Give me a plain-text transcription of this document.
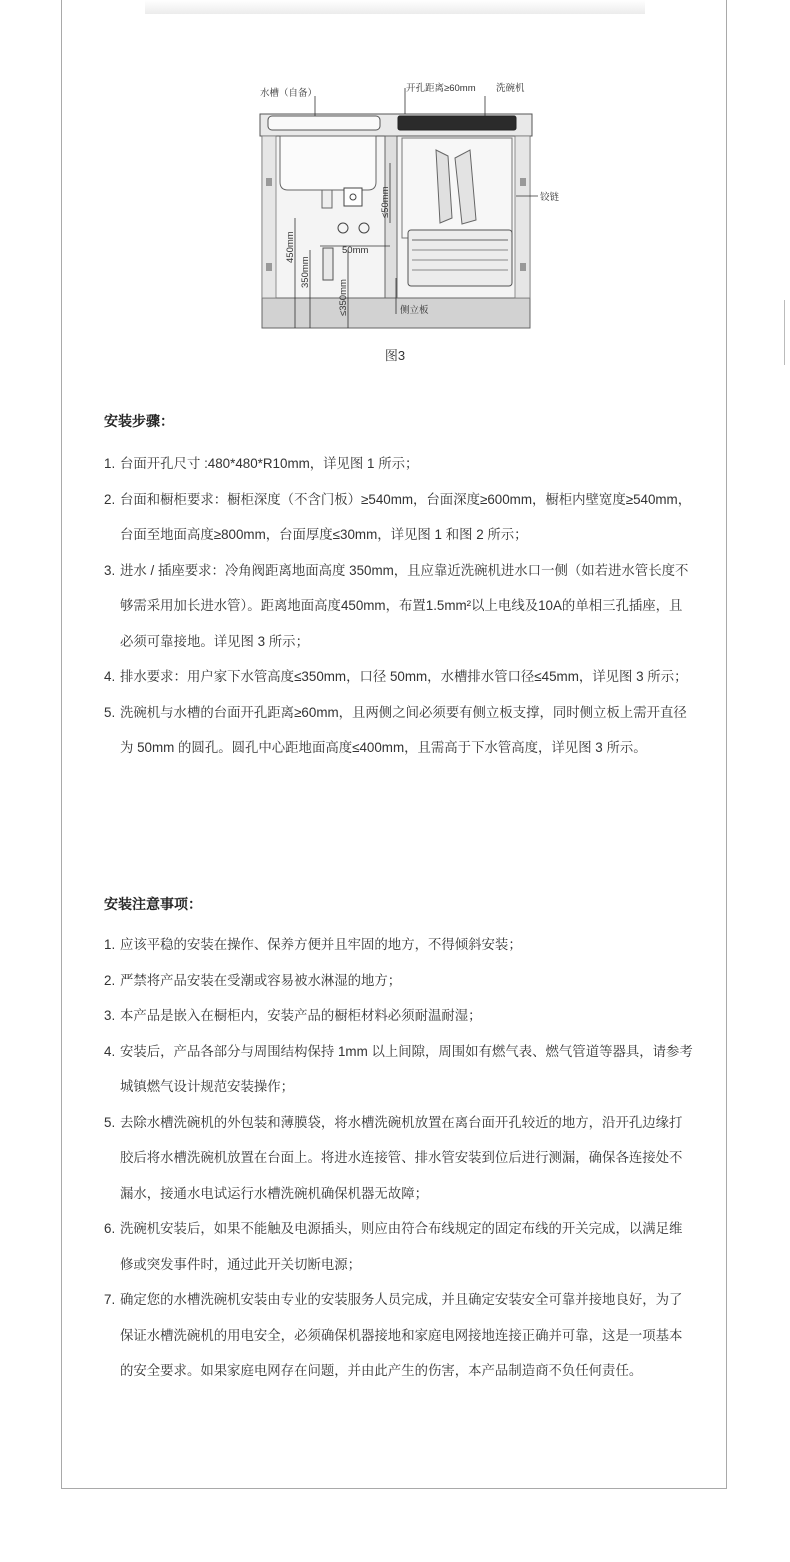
水槽（自备）	开孔距离≥60mm 洗碗机
铰链
50mm
侧立板
450mm
350mm
≤350mm
≤50mm
图3
安装步骤：
1. 台面开孔尺寸 :480*480*R10mm，详见图 1 所示；
2. 台面和橱柜要求：橱柜深度（不含门板）≥540mm，台面深度≥600mm，橱柜内壁宽度≥540mm，台面至地面高度≥800mm，台面厚度≤30mm，详见图 1 和图 2 所示；
3. 进水 / 插座要求：冷角阀距离地面高度 350mm，且应靠近洗碗机进水口一侧（如若进水管长度不够需采用加长进水管）。距离地面高度450mm，布置1.5mm²以上电线及10A的单相三孔插座，且必须可靠接地。详见图 3 所示；
4. 排水要求：用户家下水管高度≤350mm，口径 50mm，水槽排水管口径≤45mm，详见图 3 所示；
5. 洗碗机与水槽的台面开孔距离≥60mm，且两侧之间必须要有侧立板支撑，同时侧立板上需开直径为 50mm 的圆孔。圆孔中心距地面高度≤400mm，且需高于下水管高度，详见图 3 所示。
安装注意事项：
1. 应该平稳的安装在操作、保养方便并且牢固的地方，不得倾斜安装；
2. 严禁将产品安装在受潮或容易被水淋湿的地方；
3. 本产品是嵌入在橱柜内，安装产品的橱柜材料必须耐温耐湿；
4. 安装后，产品各部分与周围结构保持 1mm 以上间隙，周围如有燃气表、燃气管道等器具，请参考城镇燃气设计规范安装操作；
5. 去除水槽洗碗机的外包装和薄膜袋，将水槽洗碗机放置在离台面开孔较近的地方，沿开孔边缘打胶后将水槽洗碗机放置在台面上。将进水连接管、排水管安装到位后进行测漏，确保各连接处不漏水，接通水电试运行水槽洗碗机确保机器无故障；
6. 洗碗机安装后，如果不能触及电源插头，则应由符合布线规定的固定布线的开关完成，以满足维修或突发事件时，通过此开关切断电源；
7. 确定您的水槽洗碗机安装由专业的安装服务人员完成，并且确定安装安全可靠并接地良好，为了保证水槽洗碗机的用电安全，必须确保机器接地和家庭电网接地连接正确并可靠，这是一项基本的安全要求。如果家庭电网存在问题，并由此产生的伤害，本产品制造商不负任何责任。
